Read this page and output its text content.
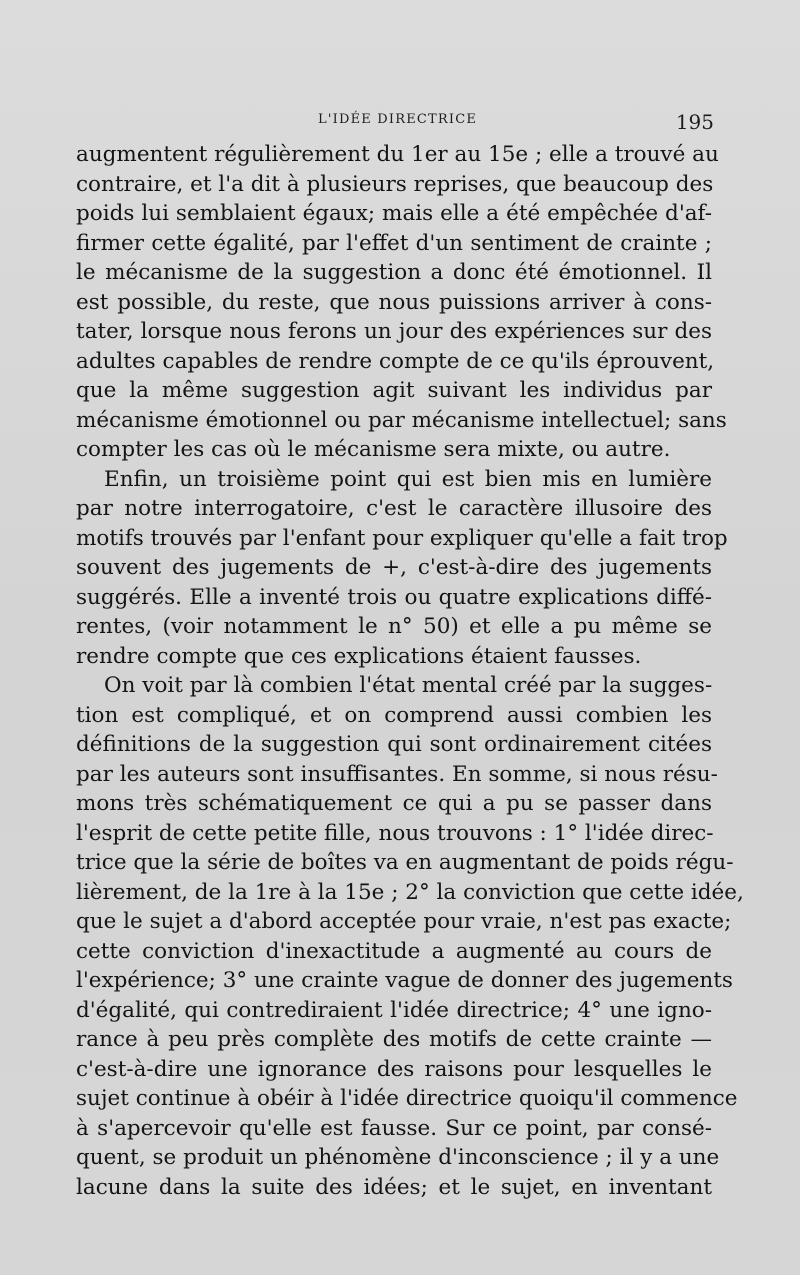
L'IDÉE DIRECTRICE	195
augmentent régulièrement du 1er au 15e ; elle a trouvé au
contraire, et l'a dit à plusieurs reprises, que beaucoup des
poids lui semblaient égaux; mais elle a été empêchée d'af-
firmer cette égalité, par l'effet d'un sentiment de crainte ;
le mécanisme de la suggestion a donc été émotionnel. Il
est possible, du reste, que nous puissions arriver à cons-
tater, lorsque nous ferons un jour des expériences sur des
adultes capables de rendre compte de ce qu'ils éprouvent,
que la même suggestion agit suivant les individus par
mécanisme émotionnel ou par mécanisme intellectuel; sans
compter les cas où le mécanisme sera mixte, ou autre.
Enfin, un troisième point qui est bien mis en lumière
par notre interrogatoire, c'est le caractère illusoire des
motifs trouvés par l'enfant pour expliquer qu'elle a fait trop
souvent des jugements de +, c'est-à-dire des jugements
suggérés. Elle a inventé trois ou quatre explications diffé-
rentes, (voir notamment le n° 50) et elle a pu même se
rendre compte que ces explications étaient fausses.
On voit par là combien l'état mental créé par la sugges-
tion est compliqué, et on comprend aussi combien les
définitions de la suggestion qui sont ordinairement citées
par les auteurs sont insuffisantes. En somme, si nous résu-
mons très schématiquement ce qui a pu se passer dans
l'esprit de cette petite fille, nous trouvons : 1° l'idée direc-
trice que la série de boîtes va en augmentant de poids régu-
lièrement, de la 1re à la 15e ; 2° la conviction que cette idée,
que le sujet a d'abord acceptée pour vraie, n'est pas exacte;
cette conviction d'inexactitude a augmenté au cours de
l'expérience; 3° une crainte vague de donner des jugements
d'égalité, qui contrediraient l'idée directrice; 4° une igno-
rance à peu près complète des motifs de cette crainte —
c'est-à-dire une ignorance des raisons pour lesquelles le
sujet continue à obéir à l'idée directrice quoiqu'il commence
à s'apercevoir qu'elle est fausse. Sur ce point, par consé-
quent, se produit un phénomène d'inconscience ; il y a une
lacune dans la suite des idées; et le sujet, en inventant
